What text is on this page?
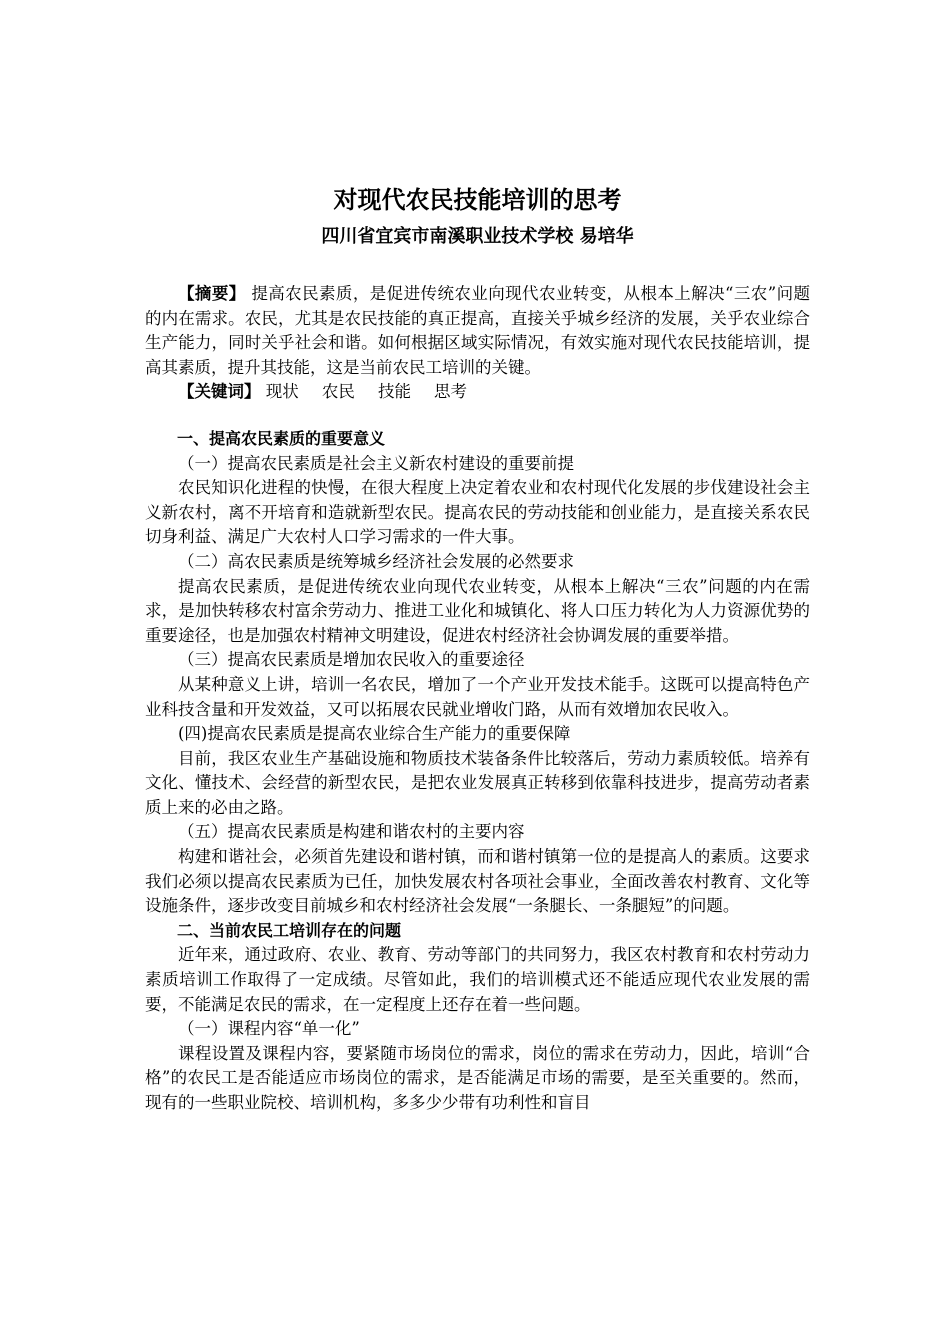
对现代农民技能培训的思考
四川省宜宾市南溪职业技术学校 易培华

【摘要】 提高农民素质，是促进传统农业向现代农业转变，从根本上解决“三农”问题的内在需求。农民，尤其是农民技能的真正提高，直接关乎城乡经济的发展，关乎农业综合生产能力，同时关乎社会和谐。如何根据区域实际情况，有效实施对现代农民技能培训，提高其素质，提升其技能，这是当前农民工培训的关键。

【关键词】 现状 农民 技能 思考

一、提高农民素质的重要意义

（一）提高农民素质是社会主义新农村建设的重要前提

农民知识化进程的快慢，在很大程度上决定着农业和农村现代化发展的步伐建设社会主义新农村，离不开培育和造就新型农民。提高农民的劳动技能和创业能力，是直接关系农民切身利益、满足广大农村人口学习需求的一件大事。

（二）高农民素质是统筹城乡经济社会发展的必然要求

提高农民素质，是促进传统农业向现代农业转变，从根本上解决“三农”问题的内在需求，是加快转移农村富余劳动力、推进工业化和城镇化、将人口压力转化为人力资源优势的重要途径，也是加强农村精神文明建设，促进农村经济社会协调发展的重要举措。

（三）提高农民素质是增加农民收入的重要途径

从某种意义上讲，培训一名农民，增加了一个产业开发技术能手。这既可以提高特色产业科技含量和开发效益，又可以拓展农民就业增收门路，从而有效增加农民收入。

(四)提高农民素质是提高农业综合生产能力的重要保障

目前，我区农业生产基础设施和物质技术装备条件比较落后，劳动力素质较低。培养有文化、懂技术、会经营的新型农民，是把农业发展真正转移到依靠科技进步，提高劳动者素质上来的必由之路。

（五）提高农民素质是构建和谐农村的主要内容

构建和谐社会，必须首先建设和谐村镇，而和谐村镇第一位的是提高人的素质。这要求我们必须以提高农民素质为已任，加快发展农村各项社会事业，全面改善农村教育、文化等设施条件，逐步改变目前城乡和农村经济社会发展“一条腿长、一条腿短”的问题。

二、当前农民工培训存在的问题

近年来，通过政府、农业、教育、劳动等部门的共同努力，我区农村教育和农村劳动力素质培训工作取得了一定成绩。尽管如此，我们的培训模式还不能适应现代农业发展的需要，不能满足农民的需求，在一定程度上还存在着一些问题。

（一）课程内容“单一化”

课程设置及课程内容，要紧随市场岗位的需求，岗位的需求在劳动力，因此，培训“合格”的农民工是否能适应市场岗位的需求，是否能满足市场的需要，是至关重要的。然而，现有的一些职业院校、培训机构，多多少少带有功利性和盲目
